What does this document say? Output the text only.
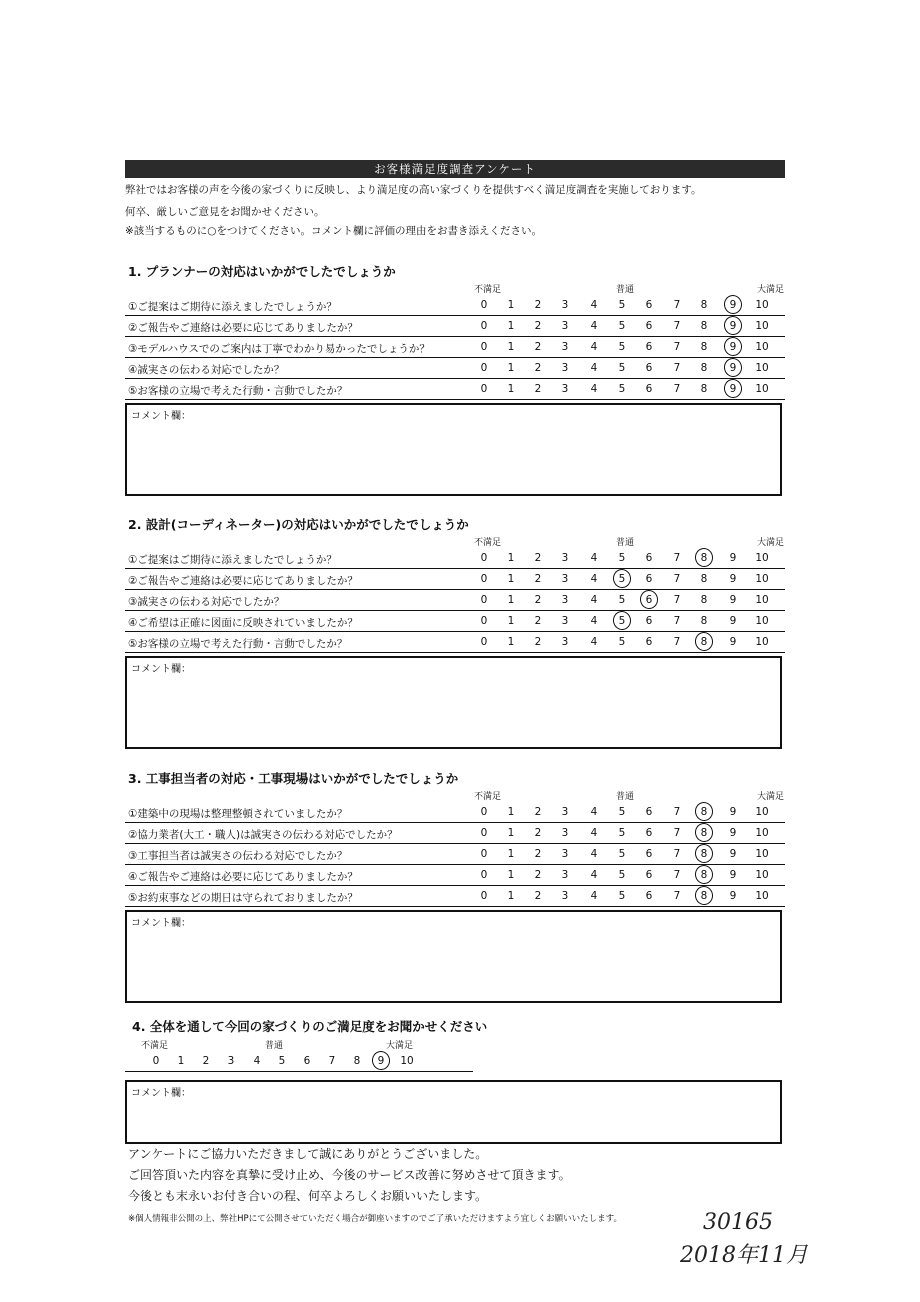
お客様満足度調査アンケート
弊社ではお客様の声を今後の家づくりに反映し、より満足度の高い家づくりを提供すべく満足度調査を実施しております。
何卒、厳しいご意見をお聞かせください。
※該当するものに○をつけてください。コメント欄に評価の理由をお書き添えください。
1. プランナーの対応はいかがでしたでしょうか
不満足	普通	大満足
①ご提案はご期待に添えましたでしょうか？	0	1	2	3	4	5	6	7	8	9	10
②ご報告やご連絡は必要に応じてありましたか？	0	1	2	3	4	5	6	7	8	9	10
③モデルハウスでのご案内は丁寧でわかり易かったでしょうか？	0	1	2	3	4	5	6	7	8	9	10
④誠実さの伝わる対応でしたか？	0	1	2	3	4	5	6	7	8	9	10
⑤お客様の立場で考えた行動・言動でしたか？	0	1	2	3	4	5	6	7	8	9	10
コメント欄：
2. 設計(コーディネーター)の対応はいかがでしたでしょうか
不満足	普通	大満足
①ご提案はご期待に添えましたでしょうか？	0	1	2	3	4	5	6	7	8	9	10
②ご報告やご連絡は必要に応じてありましたか？	0	1	2	3	4	5	6	7	8	9	10
③誠実さの伝わる対応でしたか？	0	1	2	3	4	5	6	7	8	9	10
④ご希望は正確に図面に反映されていましたか？	0	1	2	3	4	5	6	7	8	9	10
⑤お客様の立場で考えた行動・言動でしたか？	0	1	2	3	4	5	6	7	8	9	10
コメント欄：
3. 工事担当者の対応・工事現場はいかがでしたでしょうか
不満足	普通	大満足
①建築中の現場は整理整頓されていましたか？	0	1	2	3	4	5	6	7	8	9	10
②協力業者(大工・職人)は誠実さの伝わる対応でしたか？	0	1	2	3	4	5	6	7	8	9	10
③工事担当者は誠実さの伝わる対応でしたか？	0	1	2	3	4	5	6	7	8	9	10
④ご報告やご連絡は必要に応じてありましたか？	0	1	2	3	4	5	6	7	8	9	10
⑤お約束事などの期日は守られておりましたか？	0	1	2	3	4	5	6	7	8	9	10
コメント欄：
4. 全体を通して今回の家づくりのご満足度をお聞かせください
不満足	普通	大満足
0	1	2	3	4	5	6	7	8	9	10
コメント欄：
アンケートにご協力いただきまして誠にありがとうございました。
ご回答頂いた内容を真摯に受け止め、今後のサービス改善に努めさせて頂きます。
今後とも末永いお付き合いの程、何卒よろしくお願いいたします。
※個人情報非公開の上、弊社HPにて公開させていただく場合が御座いますのでご了承いただけますよう宜しくお願いいたします。	30165
2018年11月
